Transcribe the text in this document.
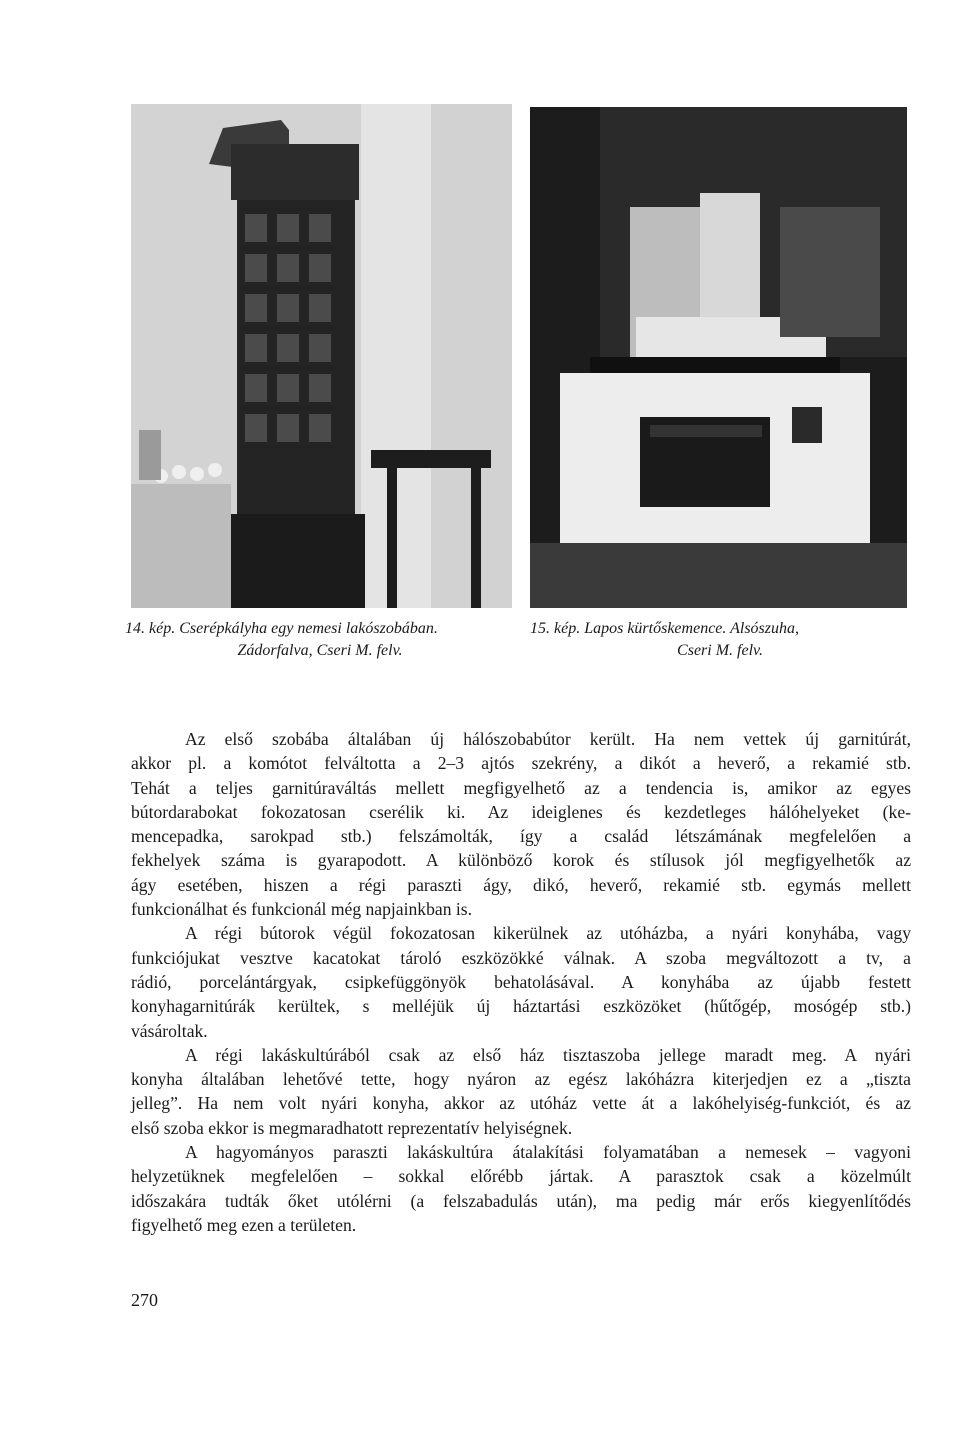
14. kép. Cserépkályha egy nemesi lakószobában.
Zádorfalva, Cseri M. felv.
15. kép. Lapos kürtőskemence. Alsószuha,
Cseri M. felv.

Az első szobába általában új hálószobabútor került. Ha nem vettek új garnitúrát,
akkor pl. a komótot felváltotta a 2–3 ajtós szekrény, a dikót a heverő, a rekamié stb.
Tehát a teljes garnitúraváltás mellett megfigyelhető az a tendencia is, amikor az egyes
bútordarabokat fokozatosan cserélik ki. Az ideiglenes és kezdetleges hálóhelyeket (ke-
mencepadka, sarokpad stb.) felszámolták, így a család létszámának megfelelően a
fekhelyek száma is gyarapodott. A különböző korok és stílusok jól megfigyelhetők az
ágy esetében, hiszen a régi paraszti ágy, dikó, heverő, rekamié stb. egymás mellett
funkcionálhat és funkcionál még napjainkban is.

A régi bútorok végül fokozatosan kikerülnek az utóházba, a nyári konyhába, vagy
funkciójukat vesztve kacatokat tároló eszközökké válnak. A szoba megváltozott a tv, a
rádió, porcelántárgyak, csipkefüggönyök behatolásával. A konyhába az újabb festett
konyhagarnitúrák kerültek, s melléjük új háztartási eszközöket (hűtőgép, mosógép stb.)
vásároltak.

A régi lakáskultúrából csak az első ház tisztaszoba jellege maradt meg. A nyári
konyha általában lehetővé tette, hogy nyáron az egész lakóházra kiterjedjen ez a „tiszta
jelleg”. Ha nem volt nyári konyha, akkor az utóház vette át a lakóhelyiség-funkciót, és az
első szoba ekkor is megmaradhatott reprezentatív helyiségnek.

A hagyományos paraszti lakáskultúra átalakítási folyamatában a nemesek – vagyoni
helyzetüknek megfelelően – sokkal előrébb jártak. A parasztok csak a közelmúlt
időszakára tudták őket utólérni (a felszabadulás után), ma pedig már erős kiegyenlítődés
figyelhető meg ezen a területen.

270
